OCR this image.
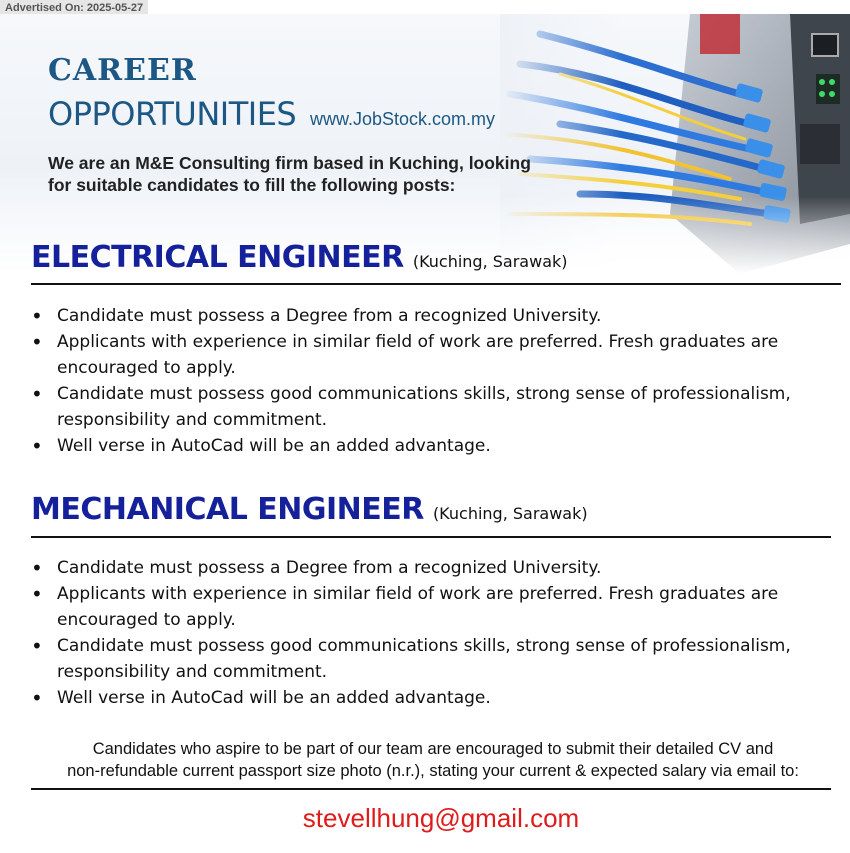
Advertised On: 2025-05-27
CAREER
OPPORTUNITIES www.JobStock.com.my
We are an M&E Consulting firm based in Kuching, looking for suitable candidates to fill the following posts:
ELECTRICAL ENGINEER (Kuching, Sarawak)
• Candidate must possess a Degree from a recognized University.
• Applicants with experience in similar field of work are preferred. Fresh graduates are encouraged to apply.
• Candidate must possess good communications skills, strong sense of professionalism, responsibility and commitment.
• Well verse in AutoCad will be an added advantage.
MECHANICAL ENGINEER (Kuching, Sarawak)
• Candidate must possess a Degree from a recognized University.
• Applicants with experience in similar field of work are preferred. Fresh graduates are encouraged to apply.
• Candidate must possess good communications skills, strong sense of professionalism, responsibility and commitment.
• Well verse in AutoCad will be an added advantage.
Candidates who aspire to be part of our team are encouraged to submit their detailed CV and
non-refundable current passport size photo (n.r.), stating your current & expected salary via email to:
stevellhung@gmail.com
